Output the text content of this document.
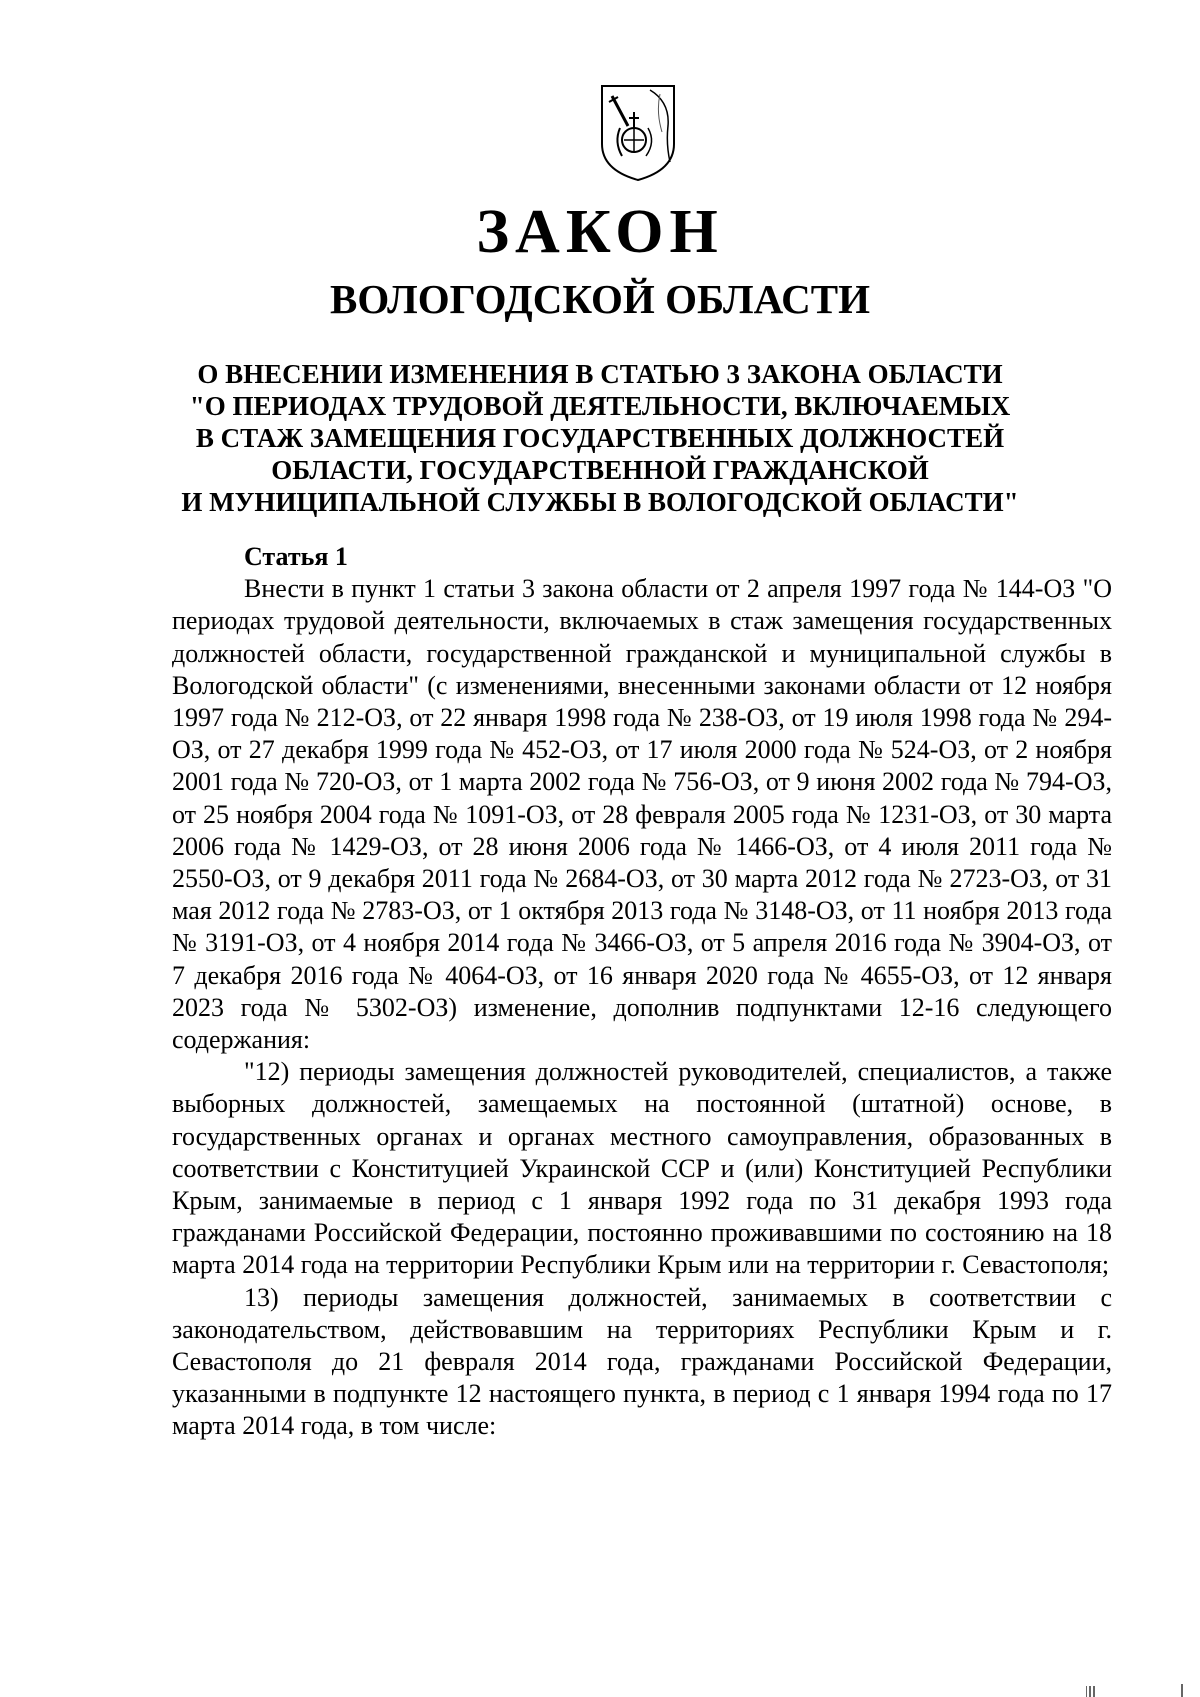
ЗАКОН
ВОЛОГОДСКОЙ ОБЛАСТИ
О ВНЕСЕНИИ ИЗМЕНЕНИЯ В СТАТЬЮ 3 ЗАКОНА ОБЛАСТИ
"О ПЕРИОДАХ ТРУДОВОЙ ДЕЯТЕЛЬНОСТИ, ВКЛЮЧАЕМЫХ
В СТАЖ ЗАМЕЩЕНИЯ ГОСУДАРСТВЕННЫХ ДОЛЖНОСТЕЙ
ОБЛАСТИ, ГОСУДАРСТВЕННОЙ ГРАЖДАНСКОЙ
И МУНИЦИПАЛЬНОЙ СЛУЖБЫ В ВОЛОГОДСКОЙ ОБЛАСТИ"

Статья 1

Внести в пункт 1 статьи 3 закона области от 2 апреля 1997 года № 144-ОЗ "О периодах трудовой деятельности, включаемых в стаж замещения государственных должностей области, государственной гражданской и муниципальной службы в Вологодской области" (с изменениями, внесенными законами области от 12 ноября 1997 года № 212-ОЗ, от 22 января 1998 года № 238-ОЗ, от 19 июля 1998 года № 294-ОЗ, от 27 декабря 1999 года № 452-ОЗ, от 17 июля 2000 года № 524-ОЗ, от 2 ноября 2001 года № 720-ОЗ, от 1 марта 2002 года № 756-ОЗ, от 9 июня 2002 года № 794-ОЗ, от 25 ноября 2004 года № 1091-ОЗ, от 28 февраля 2005 года № 1231-ОЗ, от 30 марта 2006 года № 1429-ОЗ, от 28 июня 2006 года № 1466-ОЗ, от 4 июля 2011 года № 2550-ОЗ, от 9 декабря 2011 года № 2684-ОЗ, от 30 марта 2012 года № 2723-ОЗ, от 31 мая 2012 года № 2783-ОЗ, от 1 октября 2013 года № 3148-ОЗ, от 11 ноября 2013 года № 3191-ОЗ, от 4 ноября 2014 года № 3466-ОЗ, от 5 апреля 2016 года № 3904-ОЗ, от 7 декабря 2016 года № 4064-ОЗ, от 16 января 2020 года № 4655-ОЗ, от 12 января 2023 года № 5302-ОЗ) изменение, дополнив подпунктами 12-16 следующего содержания:

"12) периоды замещения должностей руководителей, специалистов, а также выборных должностей, замещаемых на постоянной (штатной) основе, в государственных органах и органах местного самоуправления, образованных в соответствии с Конституцией Украинской ССР и (или) Конституцией Республики Крым, занимаемые в период с 1 января 1992 года по 31 декабря 1993 года гражданами Российской Федерации, постоянно проживавшими по состоянию на 18 марта 2014 года на территории Республики Крым или на территории г. Севастополя;

13) периоды замещения должностей, занимаемых в соответствии с законодательством, действовавшим на территориях Республики Крым и г. Севастополя до 21 февраля 2014 года, гражданами Российской Федерации, указанными в подпункте 12 настоящего пункта, в период с 1 января 1994 года по 17 марта 2014 года, в том числе:
